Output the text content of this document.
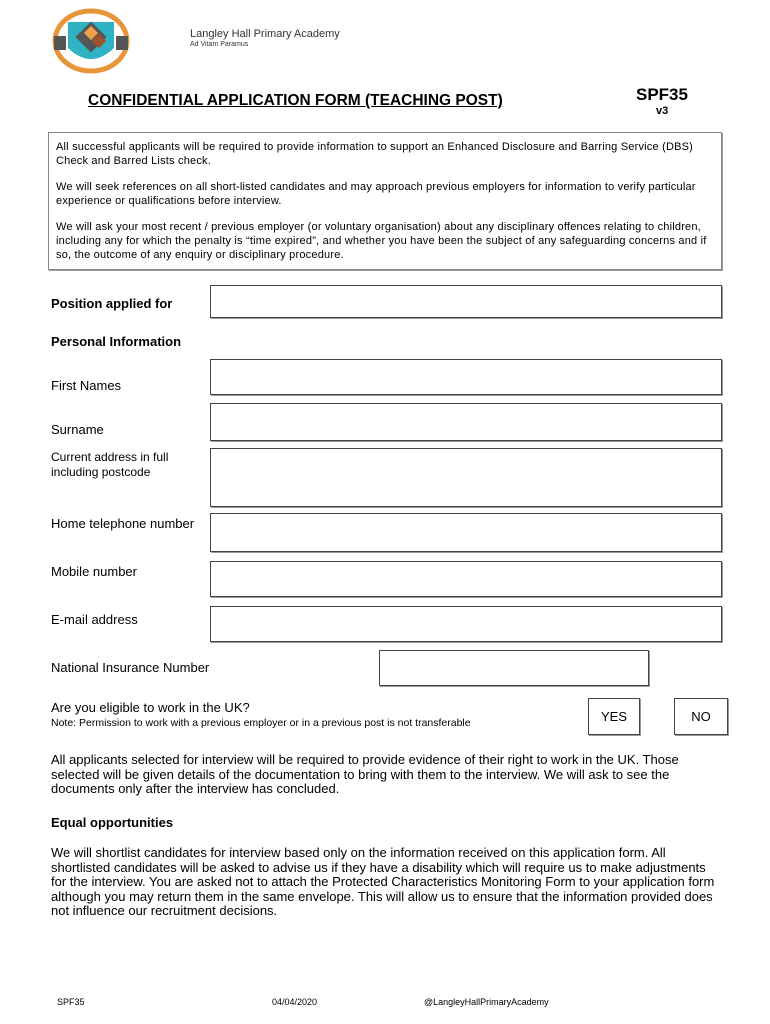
Langley Hall Primary Academy
Ad Vitam Paramus
CONFIDENTIAL APPLICATION FORM (TEACHING POST)	SPF35
v3

All successful applicants will be required to provide information to support an Enhanced Disclosure and Barring Service (DBS) Check and Barred Lists check.

We will seek references on all short-listed candidates and may approach previous employers for information to verify particular experience or qualifications before interview.

We will ask your most recent / previous employer (or voluntary organisation) about any disciplinary offences relating to children, including any for which the penalty is “time expired”, and whether you have been the subject of any safeguarding concerns and if so, the outcome of any enquiry or disciplinary procedure.

Position applied for
Personal Information
First Names
Surname
Current address in full
including postcode
Home telephone number
Mobile number
E-mail address
National Insurance Number
Are you eligible to work in the UK?
Note: Permission to work with a previous employer or in a previous post is not transferable	YES	NO
All applicants selected for interview will be required to provide evidence of their right to work in the UK. Those selected will be given details of the documentation to bring with them to the interview. We will ask to see the documents only after the interview has concluded.
Equal opportunities
We will shortlist candidates for interview based only on the information received on this application form. All shortlisted candidates will be asked to advise us if they have a disability which will require us to make adjustments for the interview. You are asked not to attach the Protected Characteristics Monitoring Form to your application form although you may return them in the same envelope. This will allow us to ensure that the information provided does not influence our recruitment decisions.
SPF35	04/04/2020	@LangleyHallPrimaryAcademy
